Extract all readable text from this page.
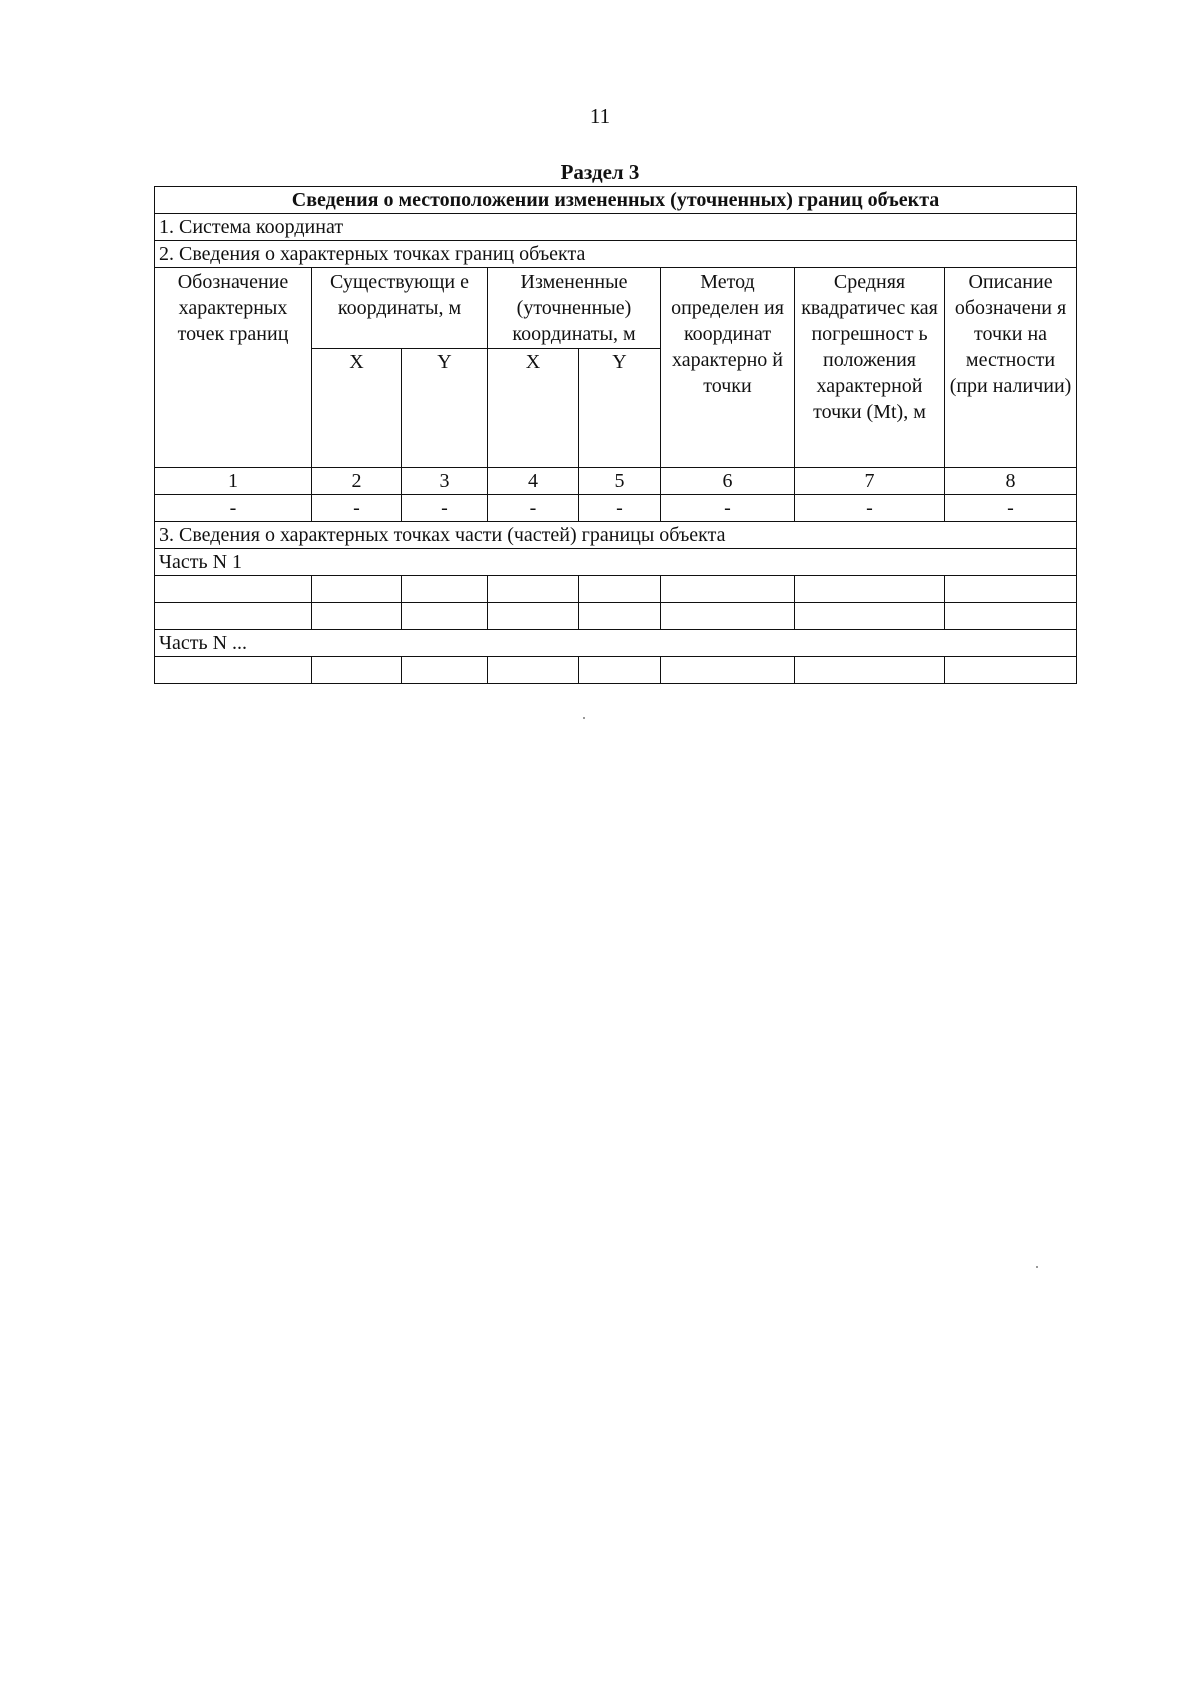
11
Раздел 3
Сведения о местоположении измененных (уточненных) границ объекта							
1. Система координат							
2. Сведения о характерных точках границ объекта							
Обозначение характерных точек границ	Существующи е координаты, м		Измененные (уточненные) координаты, м		Метод определен ия координат характерно й точки	Средняя квадратичес кая погрешност ь положения характерной точки (Mt), м	Описание обозначени я точки на местности (при наличии)
	X	Y	X	Y			
1	2	3	4	5	6	7	8
-	-	-	-	-	-	-	-
3. Сведения о характерных точках части (частей) границы объекта							
Часть N 1							

Часть N ...							
